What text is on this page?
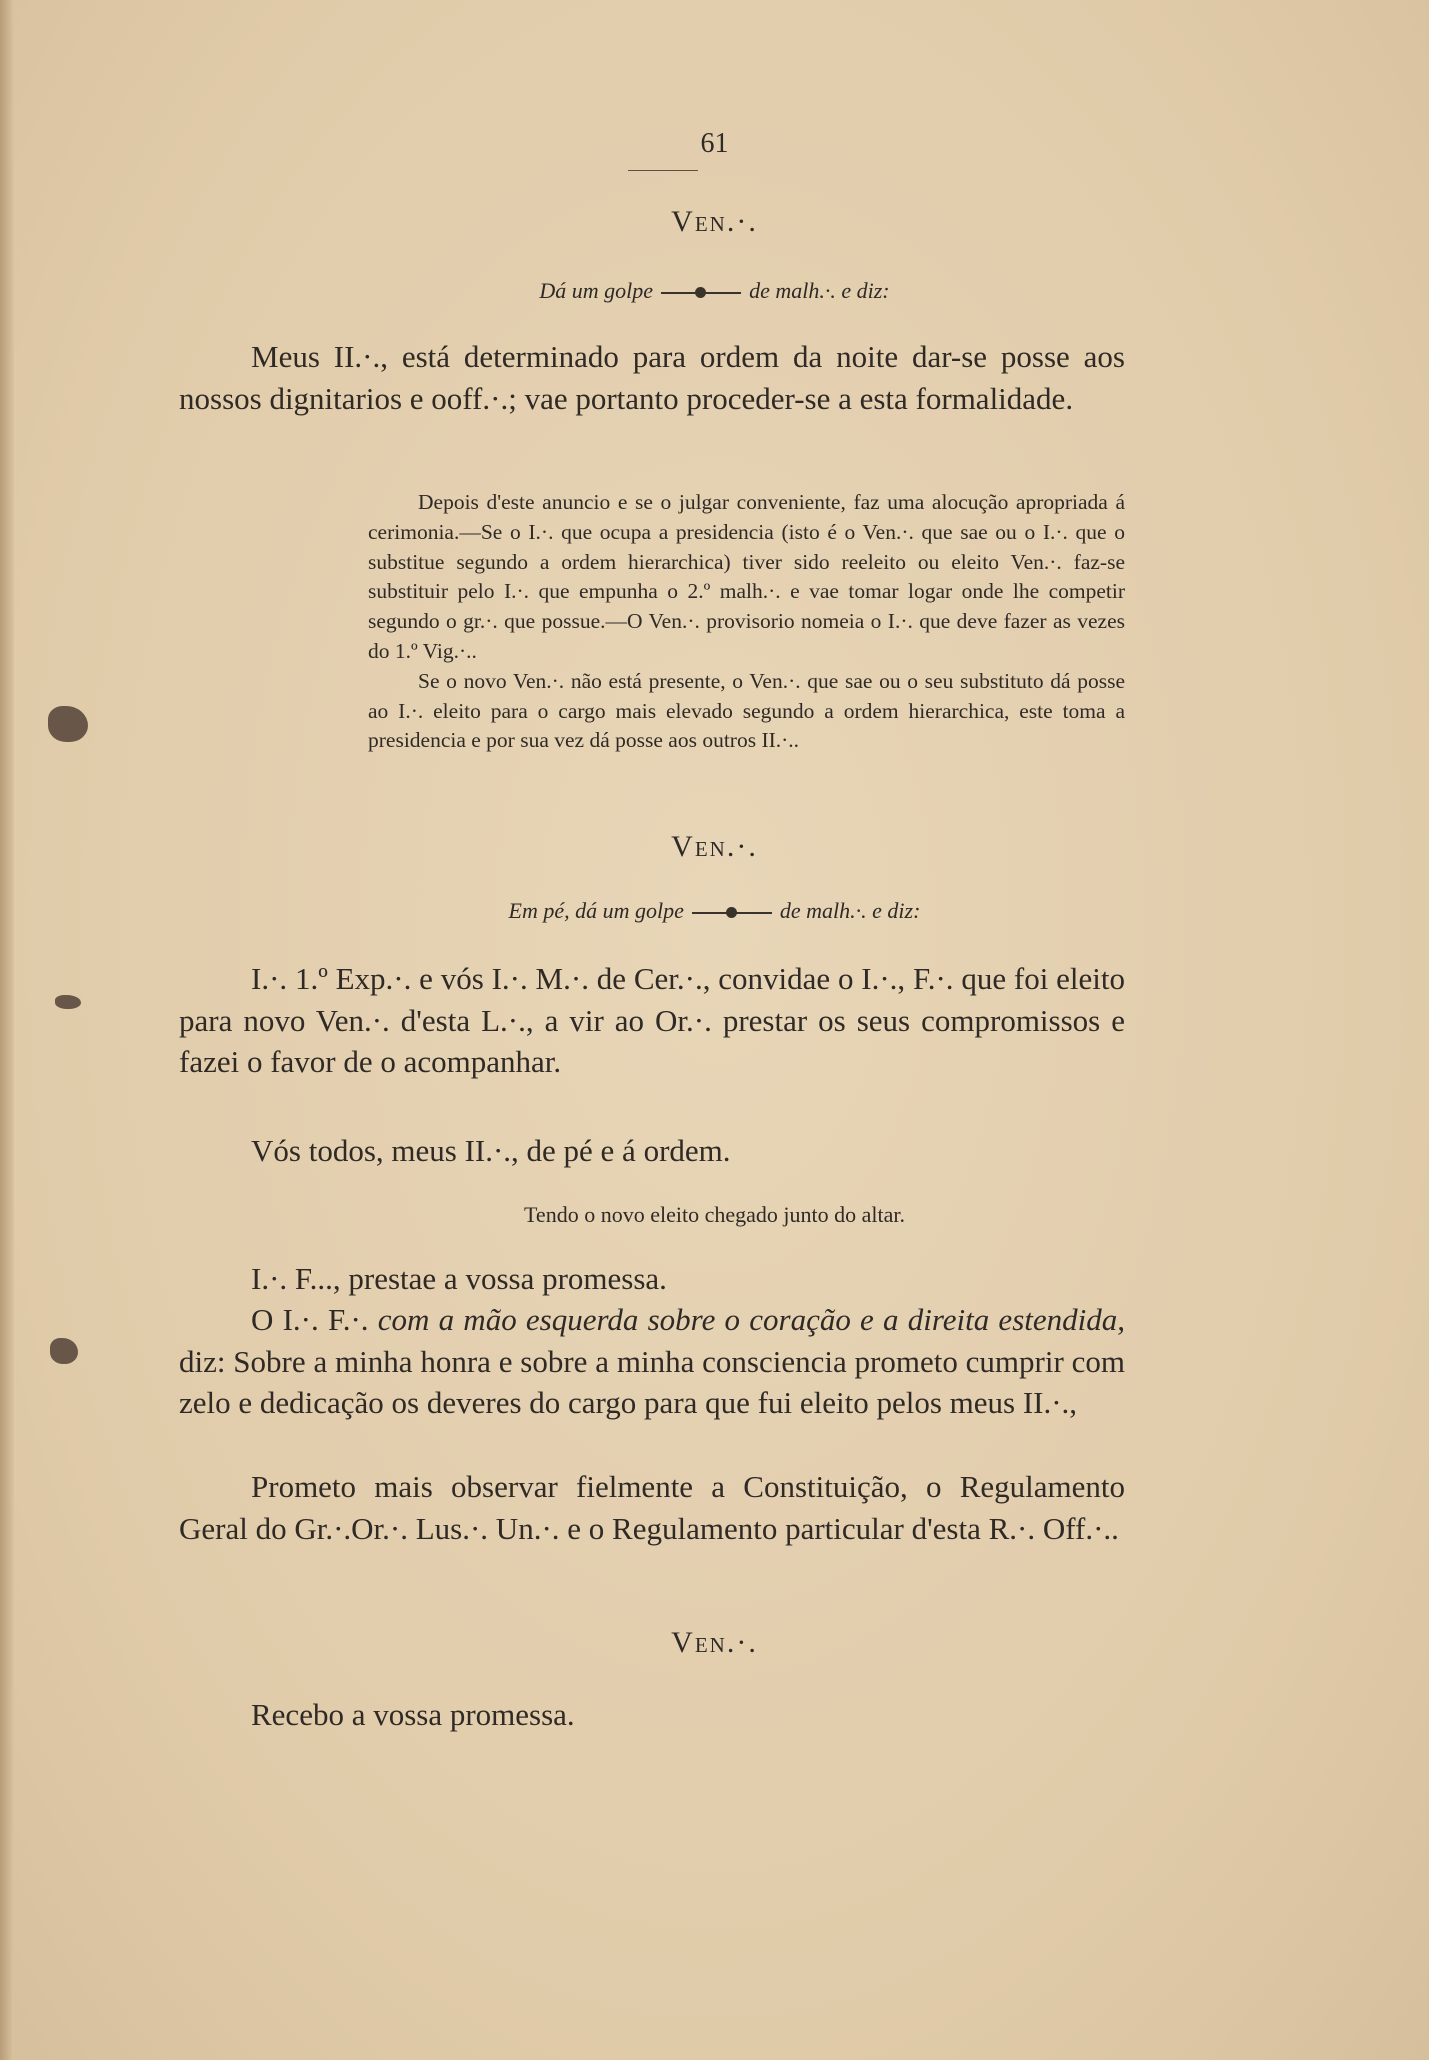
61
Ven.·.
Dá um golpe	de malh.·. e diz:
Meus II.·., está determinado para ordem da noite dar-se posse aos nossos dignitarios e ooff.·.; vae portanto proceder-se a esta formalidade.
Depois d'este anuncio e se o julgar conveniente, faz uma alocução apropriada á cerimonia.—Se o I.·. que ocupa a presidencia (isto é o Ven.·. que sae ou o I.·. que o substitue segundo a ordem hierarchica) tiver sido reeleito ou eleito Ven.·. faz-se substituir pelo I.·. que empunha o 2.º malh.·. e vae tomar logar onde lhe competir segundo o gr.·. que possue.—O Ven.·. provisorio nomeia o I.·. que deve fazer as vezes do 1.º Vig.·..
Se o novo Ven.·. não está presente, o Ven.·. que sae ou o seu substituto dá posse ao I.·. eleito para o cargo mais elevado segundo a ordem hierarchica, este toma a presidencia e por sua vez dá posse aos outros II.·..
Ven.·.
Em pé, dá um golpe	de malh.·. e diz:
I.·. 1.º Exp.·. e vós I.·. M.·. de Cer.·., convidae o I.·., F.·. que foi eleito para novo Ven.·. d'esta L.·., a vir ao Or.·. prestar os seus compromissos e fazei o favor de o acompanhar.
Vós todos, meus II.·., de pé e á ordem.
Tendo o novo eleito chegado junto do altar.
I.·. F..., prestae a vossa promessa.
O I.·. F.·. com a mão esquerda sobre o coração e a direita estendida, diz: Sobre a minha honra e sobre a minha consciencia prometo cumprir com zelo e dedicação os deveres do cargo para que fui eleito pelos meus II.·.,
Prometo mais observar fielmente a Constituição, o Regulamento Geral do Gr.·.Or.·. Lus.·. Un.·. e o Regulamento particular d'esta R.·. Off.·..
Ven.·.
Recebo a vossa promessa.
